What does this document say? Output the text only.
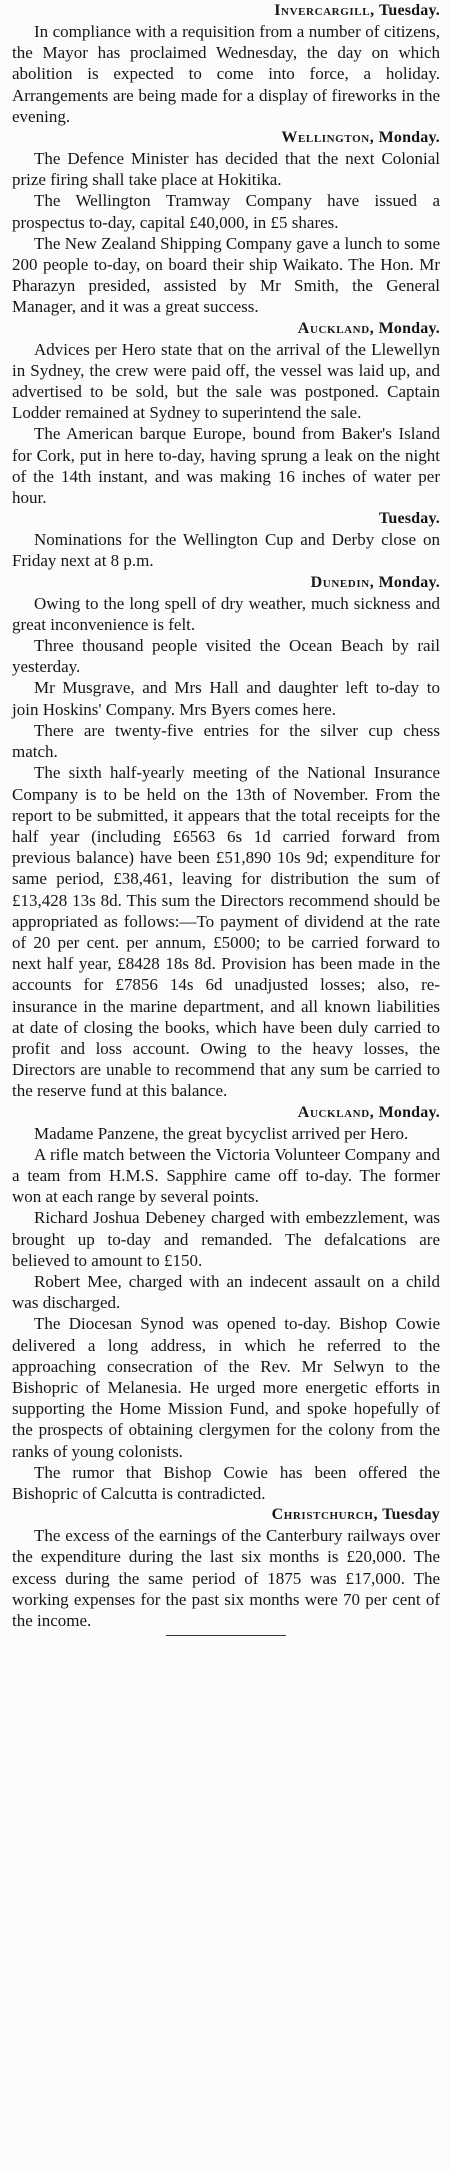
Invercargill, Tuesday.

In compliance with a requisition from a number of citizens, the Mayor has proclaimed Wednesday, the day on which abolition is expected to come into force, a holiday. Arrangements are being made for a display of fireworks in the evening.

Wellington, Monday.

The Defence Minister has decided that the next Colonial prize firing shall take place at Hokitika.

The Wellington Tramway Company have issued a prospectus to-day, capital £40,000, in £5 shares.

The New Zealand Shipping Company gave a lunch to some 200 people to-day, on board their ship Waikato. The Hon. Mr Pharazyn presided, assisted by Mr Smith, the General Manager, and it was a great success.

Auckland, Monday.

Advices per Hero state that on the arrival of the Llewellyn in Sydney, the crew were paid off, the vessel was laid up, and advertised to be sold, but the sale was postponed. Captain Lodder remained at Sydney to superintend the sale.

The American barque Europe, bound from Baker's Island for Cork, put in here to-day, having sprung a leak on the night of the 14th instant, and was making 16 inches of water per hour.

Tuesday.

Nominations for the Wellington Cup and Derby close on Friday next at 8 p.m.

Dunedin, Monday.

Owing to the long spell of dry weather, much sickness and great inconvenience is felt.

Three thousand people visited the Ocean Beach by rail yesterday.

Mr Musgrave, and Mrs Hall and daughter left to-day to join Hoskins' Company. Mrs Byers comes here.

There are twenty-five entries for the silver cup chess match.

The sixth half-yearly meeting of the National Insurance Company is to be held on the 13th of November. From the report to be submitted, it appears that the total receipts for the half year (including £6563 6s 1d carried forward from previous balance) have been £51,890 10s 9d; expenditure for same period, £38,461, leaving for distribution the sum of £13,428 13s 8d. This sum the Directors recommend should be appropriated as follows:—To payment of dividend at the rate of 20 per cent. per annum, £5000; to be carried forward to next half year, £8428 18s 8d. Provision has been made in the accounts for £7856 14s 6d unadjusted losses; also, re-insurance in the marine department, and all known liabilities at date of closing the books, which have been duly carried to profit and loss account. Owing to the heavy losses, the Directors are unable to recommend that any sum be carried to the reserve fund at this balance.

Auckland, Monday.

Madame Panzene, the great bycyclist arrived per Hero.

A rifle match between the Victoria Volunteer Company and a team from H.M.S. Sapphire came off to-day. The former won at each range by several points.

Richard Joshua Debeney charged with embezzlement, was brought up to-day and remanded. The defalcations are believed to amount to £150.

Robert Mee, charged with an indecent assault on a child was discharged.

The Diocesan Synod was opened to-day. Bishop Cowie delivered a long address, in which he referred to the approaching consecration of the Rev. Mr Selwyn to the Bishopric of Melanesia. He urged more energetic efforts in supporting the Home Mission Fund, and spoke hopefully of the prospects of obtaining clergymen for the colony from the ranks of young colonists.

The rumor that Bishop Cowie has been offered the Bishopric of Calcutta is contradicted.

Christchurch, Tuesday

The excess of the earnings of the Canterbury railways over the expenditure during the last six months is £20,000. The excess during the same period of 1875 was £17,000. The working expenses for the past six months were 70 per cent of the income.
